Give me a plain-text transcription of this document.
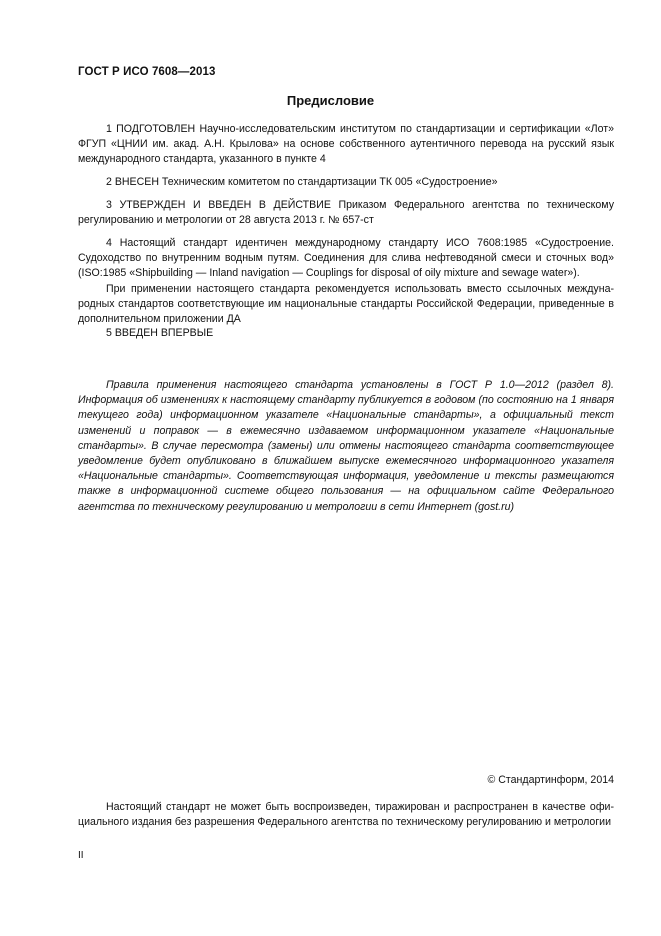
ГОСТ Р ИСО 7608—2013
Предисловие

1 ПОДГОТОВЛЕН Научно-исследовательским институтом по стандартизации и сертификации «Лот» ФГУП «ЦНИИ им. акад. А.Н. Крылова» на основе собственного аутентичного перевода на русский язык международного стандарта, указанного в пункте 4

2 ВНЕСЕН Техническим комитетом по стандартизации ТК 005 «Судостроение»

3 УТВЕРЖДЕН И ВВЕДЕН В ДЕЙСТВИЕ Приказом Федерального агентства по техническому регулированию и метрологии от 28 августа 2013 г. № 657-ст

4 Настоящий стандарт идентичен международному стандарту ИСО 7608:1985 «Судостроение. Судоходство по внутренним водным путям. Соединения для слива нефтеводяной смеси и сточных вод» (ISO:1985 «Shipbuilding — Inland navigation — Couplings for disposal of oily mixture and sewage water»).

При применении настоящего стандарта рекомендуется использовать вместо ссылочных международных стандартов соответствующие им национальные стандарты Российской Федерации, приведенные в дополнительном приложении ДА

5 ВВЕДЕН ВПЕРВЫЕ

Правила применения настоящего стандарта установлены в ГОСТ Р 1.0—2012 (раздел 8). Информация об изменениях к настоящему стандарту публикуется в годовом (по состоянию на 1 января текущего года) информационном указателе «Национальные стандарты», а официальный текст изменений и поправок — в ежемесячно издаваемом информационном указателе «Национальные стандарты». В случае пересмотра (замены) или отмены настоящего стандарта соответствующее уведомление будет опубликовано в ближайшем выпуске ежемесячного информационного указателя «Национальные стандарты». Соответствующая информация, уведомление и тексты размещаются также в информационной системе общего пользования — на официальном сайте Федерального агентства по техническому регулированию и метрологии в сети Интернет (gost.ru)

© Стандартинформ, 2014

Настоящий стандарт не может быть воспроизведен, тиражирован и распространен в качестве официального издания без разрешения Федерального агентства по техническому регулированию и метрологии

II
